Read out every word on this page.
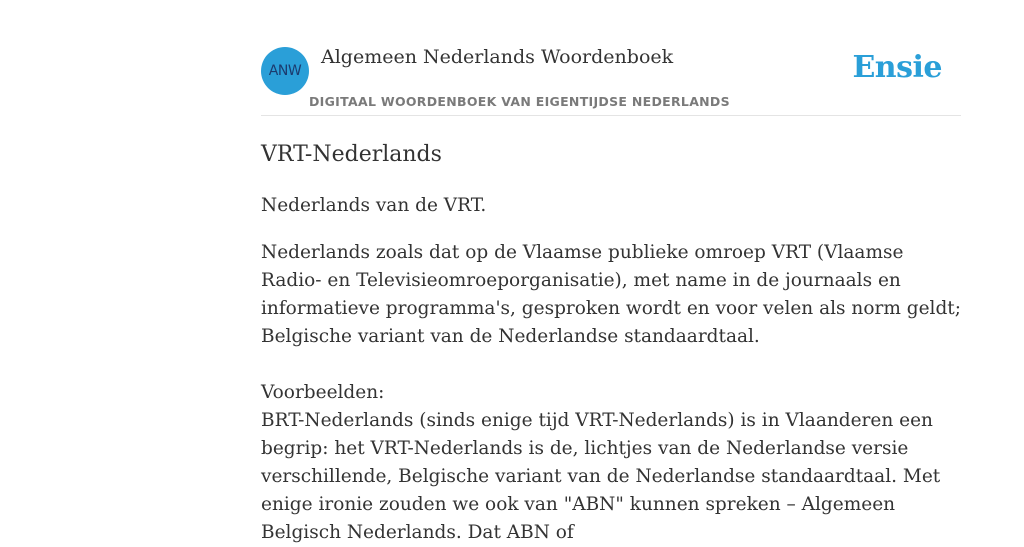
ANW
Algemeen Nederlands Woordenboek
DIGITAAL WOORDENBOEK VAN EIGENTIJDSE NEDERLANDS
Ensie
VRT-Nederlands

Nederlands van de VRT.

Nederlands zoals dat op de Vlaamse publieke omroep VRT (Vlaamse Radio- en Televisieomroeporganisatie), met name in de journaals en informatieve programma's, gesproken wordt en voor velen als norm geldt; Belgische variant van de Nederlandse standaardtaal.

Voorbeelden:

BRT-Nederlands (sinds enige tijd VRT-Nederlands) is in Vlaanderen een begrip: het VRT-Nederlands is de, lichtjes van de Nederlandse versie verschillende, Belgische variant van de Nederlandse standaardtaal. Met enige ironie zouden we ook van "ABN" kunnen spreken – Algemeen Belgisch Nederlands. Dat ABN of
